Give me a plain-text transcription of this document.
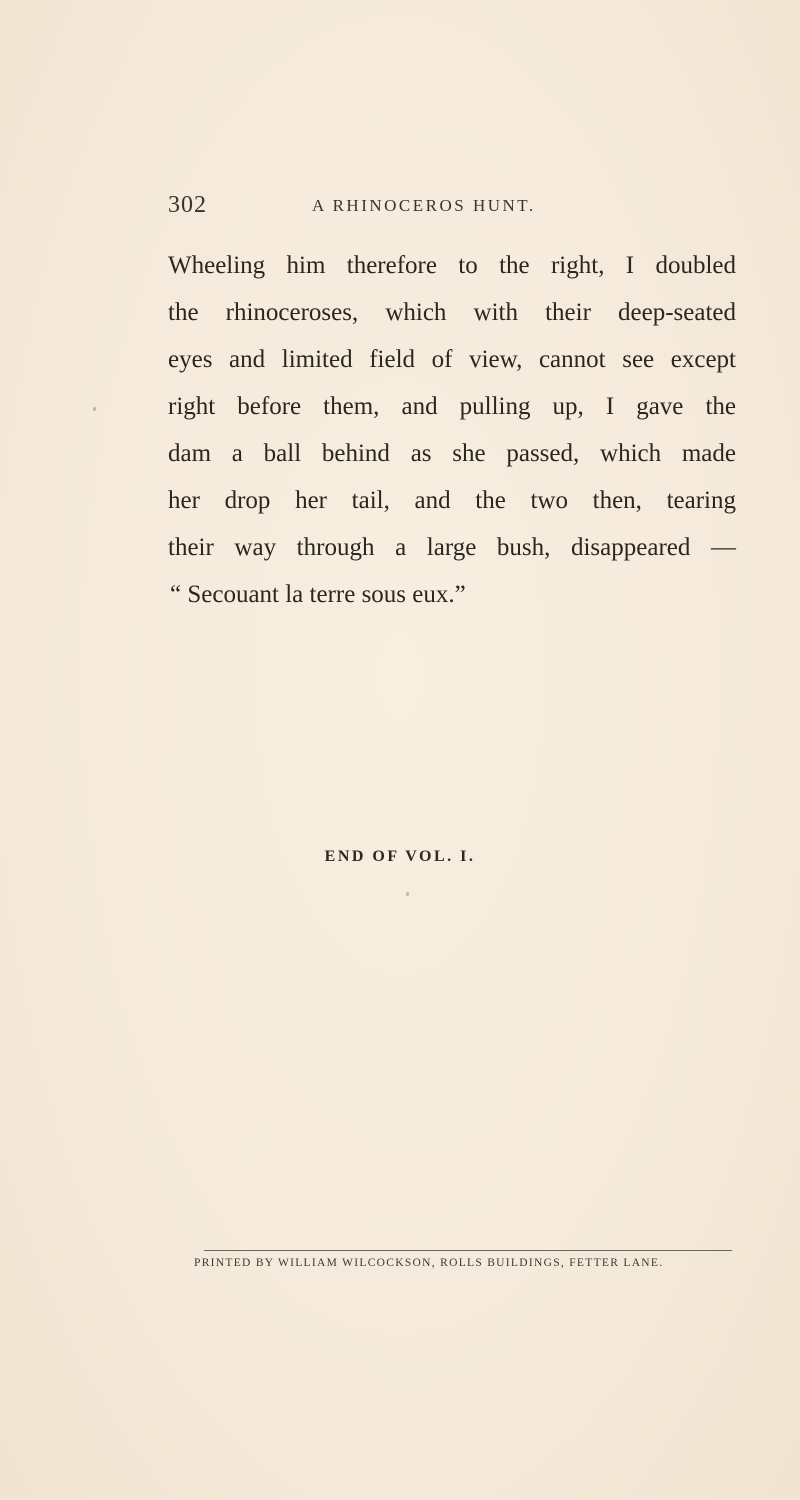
302	A RHINOCEROS HUNT.
Wheeling him therefore to the right, I doubled
the rhinoceroses, which with their deep-seated
eyes and limited field of view, cannot see except
right before them, and pulling up, I gave the
dam a ball behind as she passed, which made
her drop her tail, and the two then, tearing
their way through a large bush, disappeared —
“ Secouant la terre sous eux.”
END OF VOL. I.
PRINTED BY WILLIAM WILCOCKSON, ROLLS BUILDINGS, FETTER LANE.
